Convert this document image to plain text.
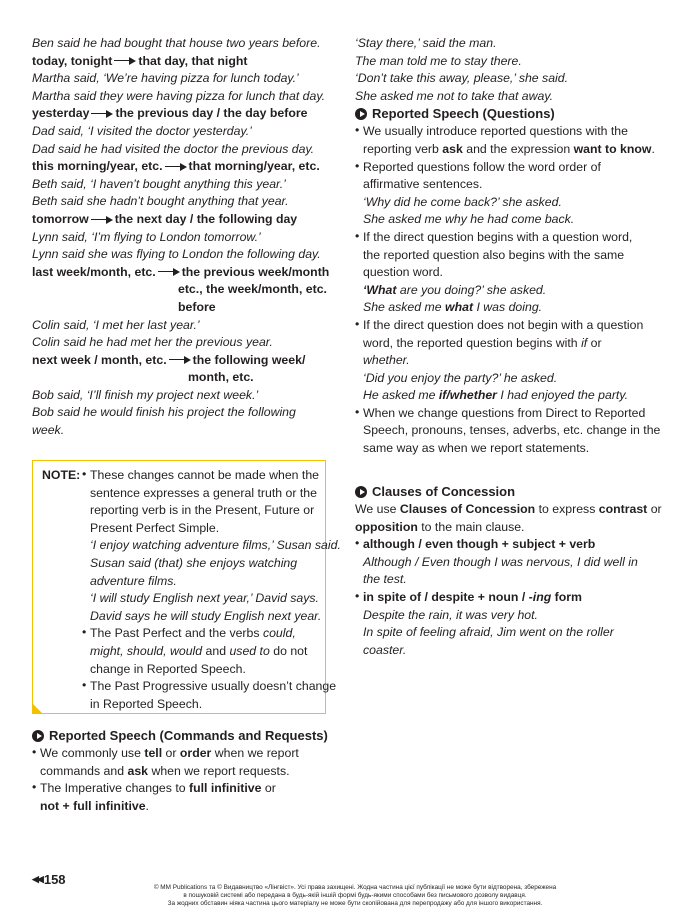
Ben said he had bought that house two years before.
today, tonight that day, that night
Martha said, ‘We’re having pizza for lunch today.’
Martha said they were having pizza for lunch that day.
yesterday the previous day / the day before
Dad said, ‘I visited the doctor yesterday.’
Dad said he had visited the doctor the previous day.
this morning/year, etc. that morning/year, etc.
Beth said, ‘I haven’t bought anything this year.’
Beth said she hadn’t bought anything that year.
tomorrow the next day / the following day
Lynn said, ‘I’m flying to London tomorrow.’
Lynn said she was flying to London the following day.
last week/month, etc. the previous week/month
etc., the week/month, etc.
before
Colin said, ‘I met her last year.’
Colin said he had met her the previous year.
next week / month, etc. the following week/
month, etc.
Bob said, ‘I’ll finish my project next week.’
Bob said he would finish his project the following
week.
NOTE: • These changes cannot be made when the
sentence expresses a general truth or the
reporting verb is in the Present, Future or
Present Perfect Simple.
‘I enjoy watching adventure films,’ Susan said.
Susan said (that) she enjoys watching
adventure films.
‘I will study English next year,’ David says.
David says he will study English next year.
• The Past Perfect and the verbs could,
might, should, would and used to do not
change in Reported Speech.
• The Past Progressive usually doesn’t change
in Reported Speech.
Reported Speech (Commands and Requests)
• We commonly use tell or order when we report
commands and ask when we report requests.
• The Imperative changes to full infinitive or
not + full infinitive.
‘Stay there,’ said the man.
The man told me to stay there.
‘Don’t take this away, please,’ she said.
She asked me not to take that away.
Reported Speech (Questions)
• We usually introduce reported questions with the
reporting verb ask and the expression want to know.
• Reported questions follow the word order of
affirmative sentences.
‘Why did he come back?’ she asked.
She asked me why he had come back.
• If the direct question begins with a question word,
the reported question also begins with the same
question word.
‘What are you doing?’ she asked.
She asked me what I was doing.
• If the direct question does not begin with a question
word, the reported question begins with if or
whether.
‘Did you enjoy the party?’ he asked.
He asked me if/whether I had enjoyed the party.
• When we change questions from Direct to Reported
Speech, pronouns, tenses, adverbs, etc. change in the
same way as when we report statements.
Clauses of Concession
We use Clauses of Concession to express contrast or
opposition to the main clause.
• although / even though + subject + verb
Although / Even though I was nervous, I did well in
the test.
• in spite of / despite + noun / -ing form
Despite the rain, it was very hot.
In spite of feeling afraid, Jim went on the roller
coaster.
◀◀ 158
© MM Publications та © Видавництво «Лінгвіст». Усі права захищені. Жодна частина цієї публікації не може бути відтворена, збережена
в пошуковій системі або передана в будь-якій іншій формі будь-якими способами без письмового дозволу видавця.
За жодних обставин ніяка частина цього матеріалу не може бути скопійована для перепродажу або для іншого використання.
